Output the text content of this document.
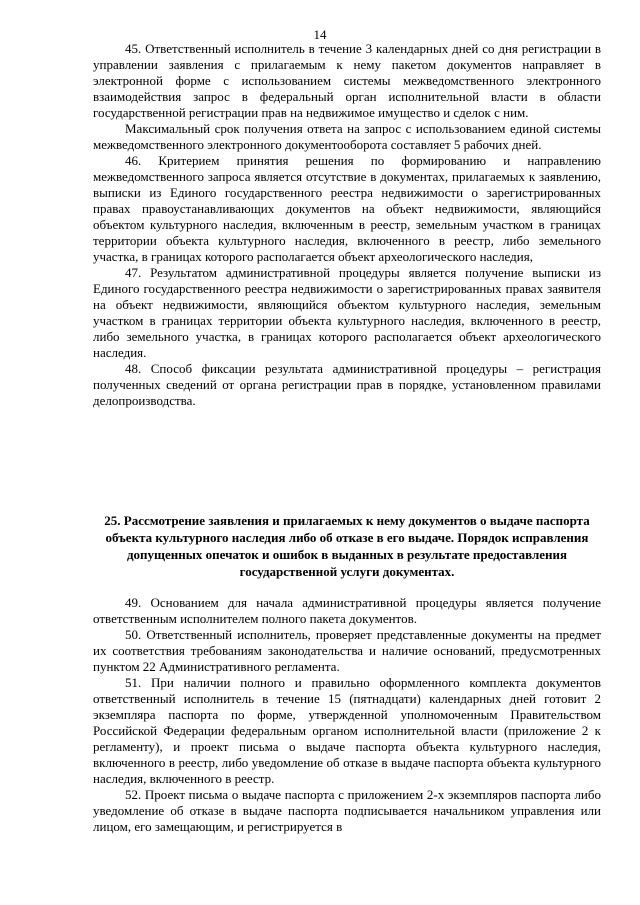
14

45. Ответственный исполнитель в течение 3 календарных дней со дня регистрации в управлении заявления с прилагаемым к нему пакетом документов направляет в электронной форме с использованием системы межведомственного электронного взаимодействия запрос в федеральный орган исполнительной власти в области государственной регистрации прав на недвижимое имущество и сделок с ним.

Максимальный срок получения ответа на запрос с использованием единой системы межведомственного электронного документооборота составляет 5 рабочих дней.

46. Критерием принятия решения по формированию и направлению межведомственного запроса является отсутствие в документах, прилагаемых к заявлению, выписки из Единого государственного реестра недвижимости о зарегистрированных правах правоустанавливающих документов на объект недвижимости, являющийся объектом культурного наследия, включенным в реестр, земельным участком в границах территории объекта культурного наследия, включенного в реестр, либо земельного участка, в границах которого располагается объект археологического наследия,

47. Результатом административной процедуры является получение выписки из Единого государственного реестра недвижимости о зарегистрированных правах заявителя на объект недвижимости, являющийся объектом культурного наследия, земельным участком в границах территории объекта культурного наследия, включенного в реестр, либо земельного участка, в границах которого располагается объект археологического наследия.

48. Способ фиксации результата административной процедуры – регистрация полученных сведений от органа регистрации прав в порядке, установленном правилами делопроизводства.

25. Рассмотрение заявления и прилагаемых к нему документов о выдаче паспорта объекта культурного наследия либо об отказе в его выдаче. Порядок исправления допущенных опечаток и ошибок в выданных в результате предоставления государственной услуги документах.

49. Основанием для начала административной процедуры является получение ответственным исполнителем полного пакета документов.

50. Ответственный исполнитель, проверяет представленные документы на предмет их соответствия требованиям законодательства и наличие оснований, предусмотренных пунктом 22 Административного регламента.

51. При наличии полного и правильно оформленного комплекта документов ответственный исполнитель в течение 15 (пятнадцати) календарных дней готовит 2 экземпляра паспорта по форме, утвержденной уполномоченным Правительством Российской Федерации федеральным органом исполнительной власти (приложение 2 к регламенту), и проект письма о выдаче паспорта объекта культурного наследия, включенного в реестр, либо уведомление об отказе в выдаче паспорта объекта культурного наследия, включенного в реестр.

52. Проект письма о выдаче паспорта с приложением 2-х экземпляров паспорта либо уведомление об отказе в выдаче паспорта подписывается начальником управления или лицом, его замещающим, и регистрируется в
